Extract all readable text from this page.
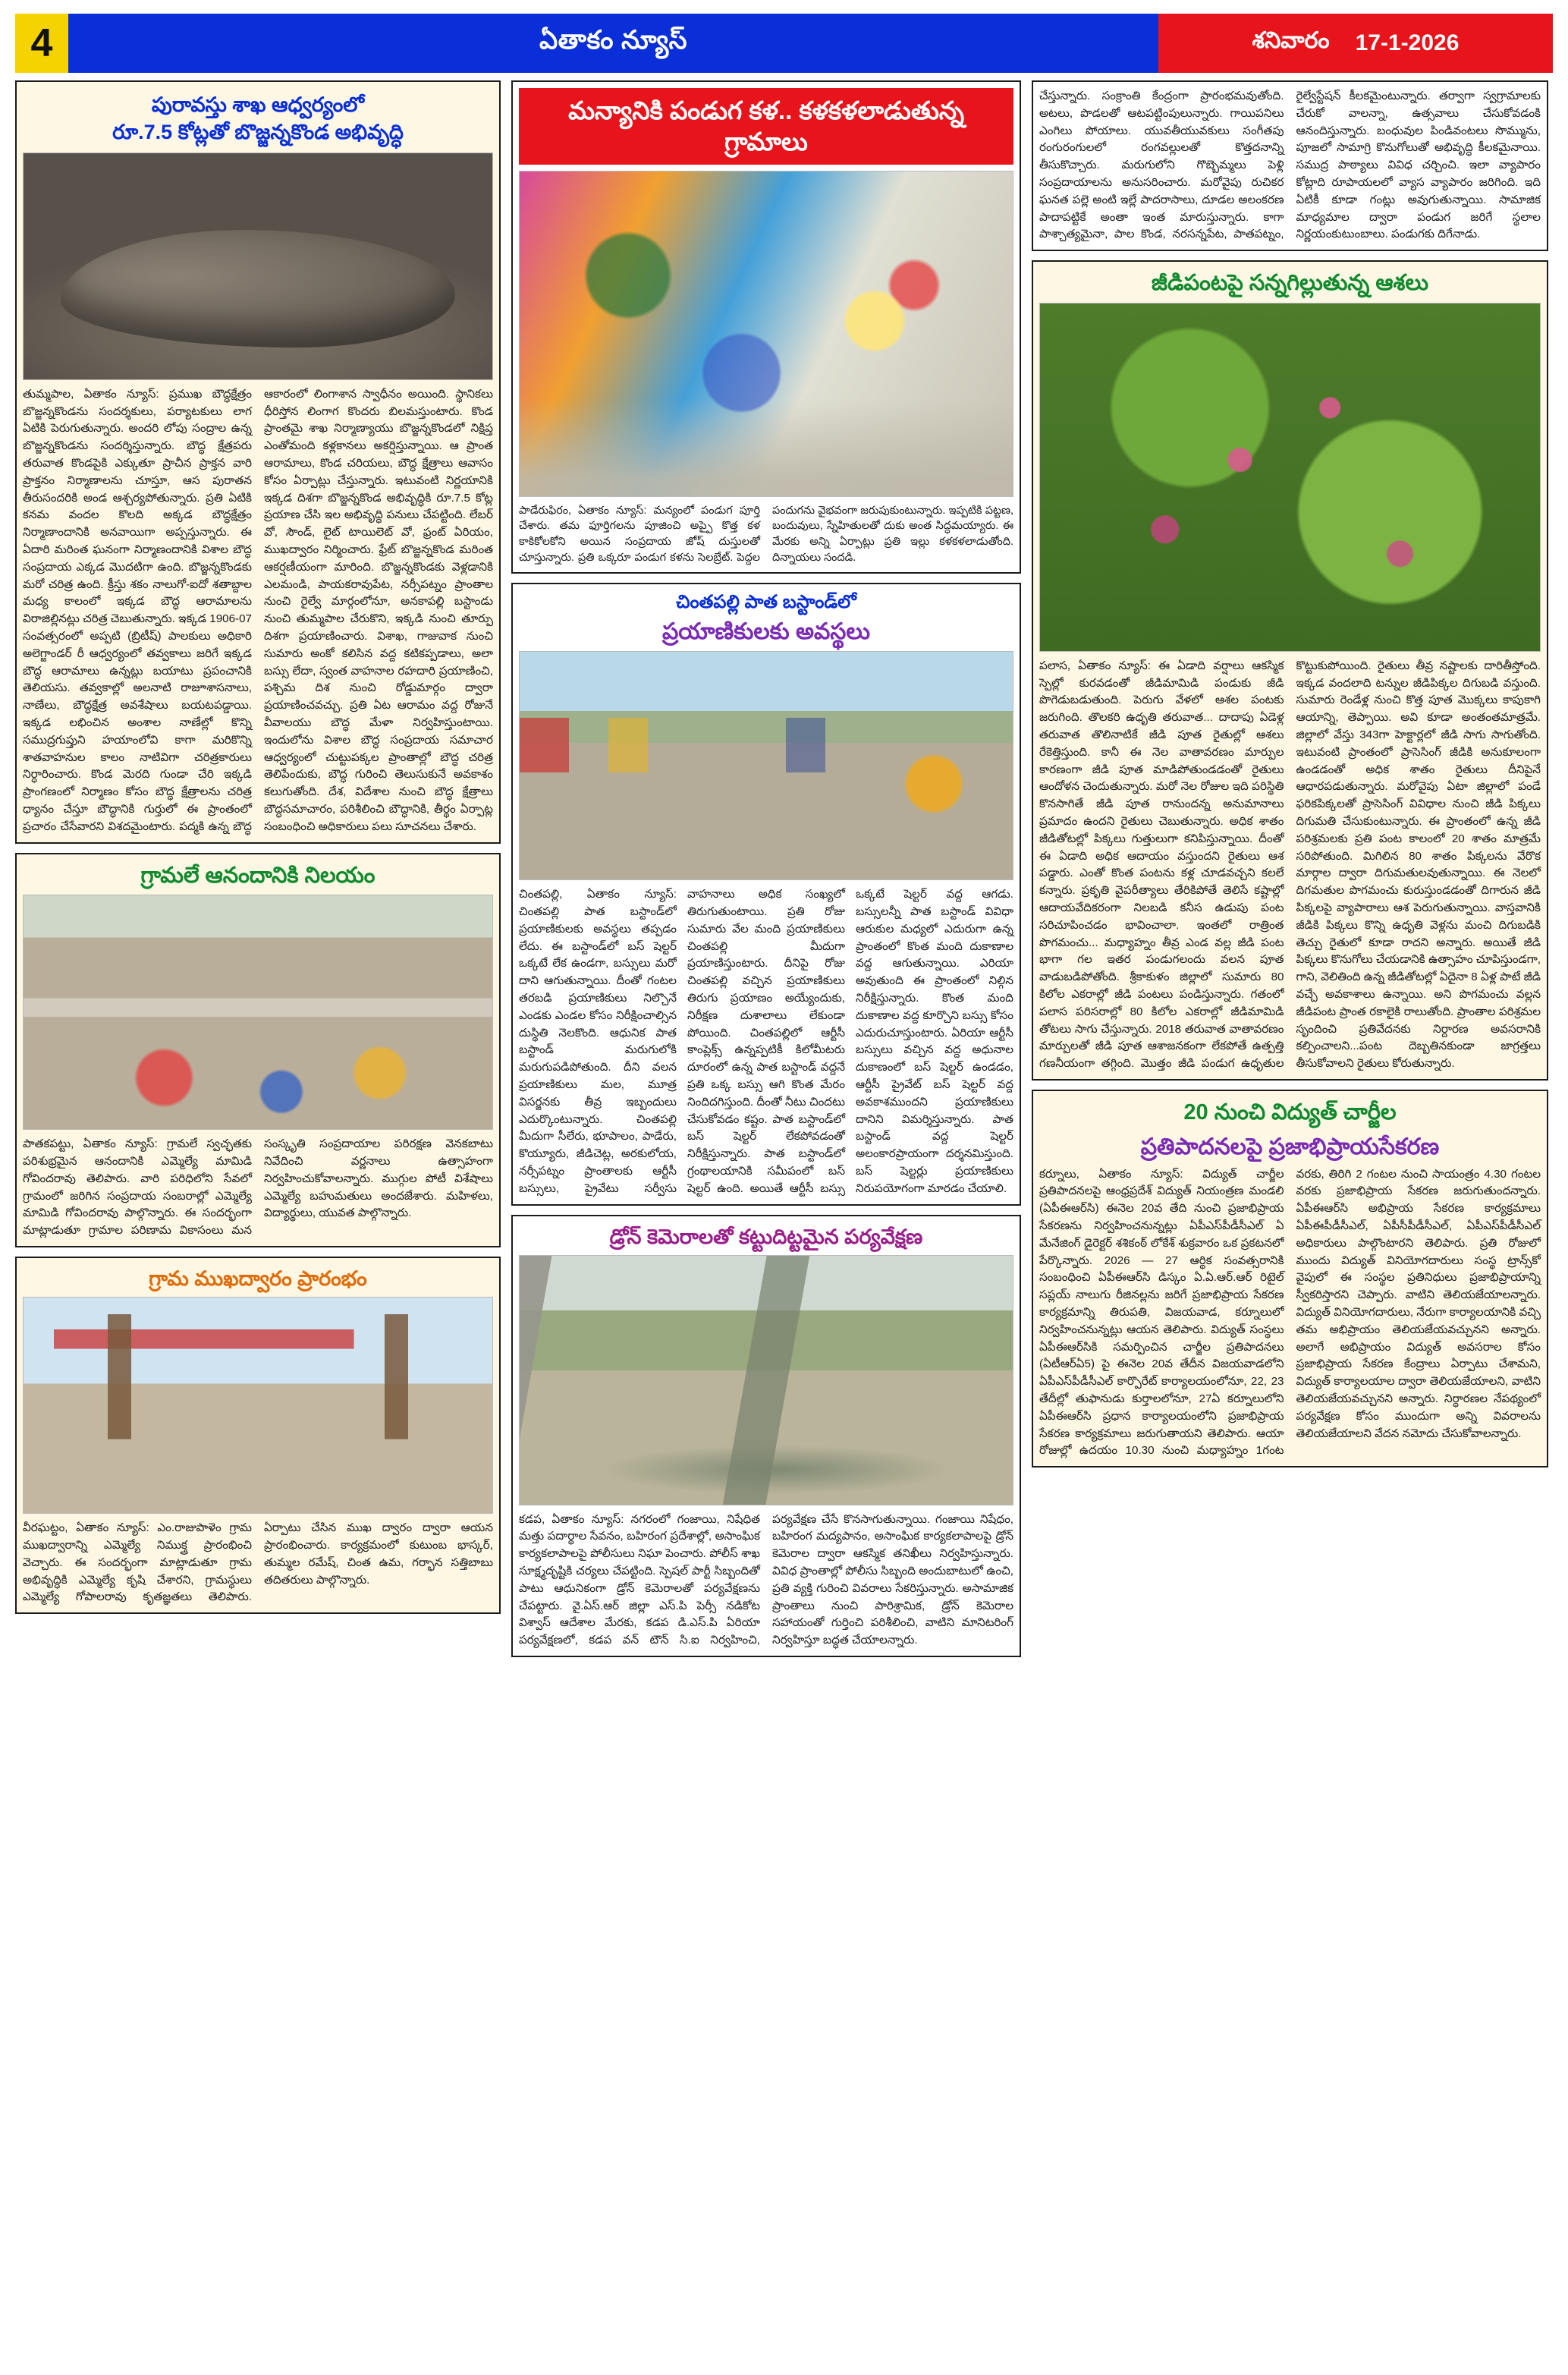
4	ఏతాకం న్యూస్	శనివారం 17-1-2026
పురావస్తు శాఖ ఆధ్వర్యంలో
రూ.7.5 కోట్లతో బొజ్జన్నకొండ అభివృద్ధి
తుమ్మపాల, ఏతాకం న్యూస్: ప్రముఖ బౌద్ధక్షేత్రం బొజ్జన్నకొండను సందర్శకులు, పర్యాటకులు లాగ ఏటికి పెరుగుతున్నారు. అందరి లోపు సంద్రాల ఉన్న బొజ్జన్నకొండను సందర్శిస్తున్నారు. బౌద్ధ క్షేత్రపరు తరువాత కొండపైకి ఎక్కుతూ ప్రాచీన ప్రాక్తన వారి ప్రాక్తనం నిర్మాణాలను చూస్తూ, ఆస పురాతన తీరుసందరికి అండ ఆశ్చర్యపోతున్నారు. ప్రతి ఏటికి కనమ వందల కొలది అక్కడ బౌద్ధక్షేత్రం నిర్మాణాందానికి అనవాయిగా అప్పస్తున్నారు. ఈ ఏదారి మరింత ఘనంగా నిర్మాణందానికి విశాల బౌద్ధ సంప్రదాయ ఎక్కడ మొదటిగా ఉంది. బొజ్జన్నకొండకు మరో చరిత్ర ఉంది. క్రీస్తు శకం నాలుగో-ఐదో శతాబ్దాల మధ్య కాలంలో ఇక్కడ బౌద్ధ ఆరామాలను విరాజిల్లినట్లు చరిత్ర చెబుతున్నారు. ఇక్కడ 1906-07 సంవత్సరంలో అప్పటి (బ్రిటీష్) పాలకులు అధికారి అలెగ్జాండర్ రీ ఆధ్వర్యంలో తవ్వకాలు జరిగే ఇక్కడ బౌద్ధ ఆరామాలు ఉన్నట్లు బయాటు ప్రపంచానికి తెలియసు. తవ్వకాల్లో అలనాటి రాజూశాసనాలు, నాణేలు, బౌద్ధక్షేత్ర అవశేషాలు బయటపడ్డాయి. ఇక్కడ లభించిన అంశాల నాణేల్లో కొన్ని సముద్రగుప్తుని హయాంలోవి కాగా మరికొన్ని శాతవాహనుల కాలం నాటివిగా చరిత్రకారులు నిర్ధారించారు. కొండ మెరది గుండా చేరి ఇక్కడి ప్రాంగణంలో నిర్మాణం కోసం బౌద్ధ క్షేత్రాలను చరిత్ర ధ్యానం చేస్తూ బౌద్ధానికి గుర్తులో ఈ ప్రాంతంలో ప్రచారం చేసేవారని విశదమైంటారు. పద్మకి ఉన్న బౌద్ధ ఆకారంలో లింగాశాన స్వాధీనం అయింది. స్థానికలు ధీరిస్తోన లింగాగ కొందరు బిలమస్తుంటారు. కొండ ప్రాంతమై శాఖ నిర్మాణ్యాయు బొజ్జన్నకొండలో నిక్షిప్త ఎంతోమంది కళ్లకానలు అకర్షిస్తున్నాయి. ఆ ప్రాంత ఆరామాలు, కొండ చరియలు, బౌద్ధ క్షేత్రాలు ఆవాసం కోసం ఏర్పాట్లు చేస్తున్నారు. ఇటువంటి నిర్ణయానికి ఇక్కడ దిశగా బొజ్జన్నకొండ అభివృద్ధికి రూ.7.5 కోట్ల ప్రయాణ చేసి ఇల అభివృద్ధి పనులు చేపట్టింది. లేబర్ వో, సౌండ్, లైట్ టాయిలెట్ వో, ఫ్రంట్ ఏరియం, ముఖద్వారం నిర్మించారు. ఫ్రేట్ బొజ్జన్నకొండ మరింత ఆకర్షణీయంగా మారింది. బొజ్జన్నకొండకు వెళ్లడానికి ఎలమండి, పాయకరావుపేట, నర్సీపట్నం ప్రాంతాల నుంచి రైల్వే మార్గంలోనూ, అనకాపల్లి బస్టాండు నుంచి తుమ్మపాల చేరుకొని, ఇక్కడి నుంచి తూర్పు దిశగా ప్రయాణించారు. విశాఖ, గాజువాక నుంచి సుమారు అంకో కలిసిన వద్ద కటికప్పడాలు, అలా బస్సు లేదా, స్వంత వాహనాల రహదారి ప్రయాణించి, పశ్చిమ దిశ నుంచి రోడ్డుమార్గం ద్వారా ప్రయాణించవచ్చు. ప్రతి ఏట ఆరామం వద్ద రోజునే వీవాలయు బౌద్ధ మేళా నిర్వహిస్తుంటాయి. ఇందులోను విశాల బౌద్ధ సంప్రదాయ సమాచార ఆధ్వర్యంలో చుట్టుపక్కల ప్రాంతాల్లో బౌద్ధ చరిత్ర తెలిపేందుకు, బౌద్ధ గురించి తెలుసుకునే అవకాశం కలుగుతోంది. దేశ, విదేశాల నుంచి బౌద్ధ క్షేత్రాలు బౌద్ధసమాచారం, పరిశీలించి బౌద్ధానికి, తీర్థం ఏర్పాట్ల సంబంధించి అధికారులు పలు సూచనలు చేశారు.
గ్రామలే ఆనందానికి నిలయం
పాతకపట్టు, ఏతాకం న్యూస్: గ్రామలే స్వచ్ఛతకు పరిశుభ్రమైన ఆనందానికి ఎమ్మెల్యే మామిడి గోవిందరావు తెలిపారు. వారి పరిధిలోని సేవలో గ్రామంలో జరిగిన సంప్రదాయ సంబరాల్లో ఎమ్మెల్యే మామిడి గోవిందరావు పాల్గొన్నారు. ఈ సందర్భంగా మాట్లాడుతూ గ్రామాల పరిణామ వికాసంలు మన సంస్కృతి సంప్రదాయాల పరిరక్షణ వెనకబాటు నివేదించి వర్ణనాలు ఉత్సాహంగా నిర్వహించుకోవాలన్నారు. ముగ్గుల పోటీ విశేషాలు ఎమ్మెల్యే బహుమతులు అందజేశారు. మహిళలు, విద్యార్థులు, యువత పాల్గొన్నారు.
గ్రామ ముఖద్వారం ప్రారంభం
వీరఘట్టం, ఏతాకం న్యూస్: ఎం.రాజుపాళెం గ్రామ ముఖద్వారాన్ని ఎమ్మెల్యే నిముక్త్ర ప్రారంభించి వెచ్చారు. ఈ సందర్భంగా మాట్లాడుతూ గ్రామ అభివృద్ధికి ఎమ్మెల్యే కృషి చేశారని, గ్రామస్థులు ఎమ్మెల్యే గోపాలరావు కృతజ్ఞతలు తెలిపారు. ఏర్పాటు చేసిన ముఖ ద్వారం ద్వారా ఆయన ప్రారంభించారు. కార్యక్రమంలో కుటుంబ భాస్కర్, తుమ్మల రమేష్, చింత ఉమ, గర్భాన సత్తిబాబు తదితరులు పాల్గొన్నారు.
మన్యానికి పండుగ కళ.. కళకళలాడుతున్న గ్రామాలు
పాడేరుఫిరం, ఏతాకం న్యూస్: మన్యంలో పండుగ పూర్తి చేశారు. తమ ఫూర్తిగలను పూజించి అప్పై కొత్త కళ కాకికోలకోని అయిన సంప్రదాయ జోష్ దుస్తులతో చూస్తున్నారు. ప్రతి ఒక్కరూ పండుగ కళను సెలబ్రేట్. పెద్దల పందుగను వైభవంగా జరుపుకుంటున్నారు. ఇప్పటికి పట్టణ, బందువులు, స్నేహితులతో దుకు అంత సిద్ధమయ్యారు. ఈ మేరకు అన్ని ఏర్పాట్లు ప్రతి ఇల్లు కళకళలాడుతోంది. దిన్నాయలు సందడి.
చింతపల్లి పాత బస్టాండ్‌లో
ప్రయాణికులకు అవస్థలు
చింతపల్లి, ఏతాకం న్యూస్: చింతపల్లి పాత బస్టాండ్‌లో ప్రయాణికులకు అవస్థలు తప్పడం లేదు. ఈ బస్టాండ్‌లో బస్ షెల్టర్ ఒక్కటే లేక ఉండగా, బస్సులు మరో దాని ఆగుతున్నాయి. దీంతో గంటల తరబడి ప్రయాణికులు నిల్చొనే ఎండకు ఎండల కోసం నిరీక్షించాల్సిన దుస్థితి నెలకొంది. ఆధునిక పాత బస్టాండ్ మరుగులోకి మరుగుపడిపోతుంది. దీని వలన ప్రయాణికులు మల, మూత్ర విసర్జనకు తీవ్ర ఇబ్బందులు ఎదుర్కొంటున్నారు. చింతపల్లి మీదుగా సీలేరు, భూపాలం, పాడేరు, కొయ్యూరు, జీడిచెట్ల, అరకులోయ, నర్సీపట్నం ప్రాంతాలకు ఆర్టీసీ బస్సులు, ప్రైవేటు సర్వీసు వాహనాలు అధిక సంఖ్యలో తిరుగుతుంటాయి. ప్రతి రోజు సుమారు వేల మంది ప్రయాణికులు చింతపల్లి మీదుగా ప్రయాణిస్తుంటారు. దీనిపై రోజు చింతపల్లి వచ్చిన ప్రయాణికులు తిరుగు ప్రయాణం అయ్యేందుకు, నిరీక్షణ దుశాలాలు లేకుండా పోయింది. చింతపల్లిలో ఆర్టీసీ కాంప్లెక్స్ ఉన్నప్పటికీ కిలోమీటరు దూరంలో ఉన్న పాత బస్టాండ్ వద్దనే ప్రతి ఒక్క బస్సు ఆగి కొంత మేరం నిందిదగిస్తుంది. దీంతో నీటు చిందటు చేసుకోవడం కష్టం. పాత బస్టాండ్‌లో బస్ షెల్టర్ లేకపోవడంతో నిరీక్షిస్తున్నారు. పాత బస్టాండ్‌లో గ్రంథాలయానికి సమీపంలో బస్ షెల్టర్ ఉంది. అయితే ఆర్టీసీ బస్సు ఒక్కటే షెల్టర్ వద్ద ఆగడు. బస్సులన్నీ పాత బస్టాండ్ వివిధా ఆరుకుల మధ్యలో ఎదురుగా ఉన్న ప్రాంతంలో కొంత మంది దుకాణాల వద్ద ఆగుతున్నాయి. ఎరియా అవుతుంది ఈ ప్రాంతంలో నిల్గిన నిరీక్షిస్తున్నారు. కొంత మంది దుకాణాల వద్ద కూర్చొని బస్సు కోసం ఎదురుచూస్తుంటారు. ఏరియా ఆర్టీసీ బస్సులు వచ్చిన వద్ద అధునాల దుకాణంలో బస్ షెల్టర్ ఉండడం, ఆర్టీసీ ప్రైవేట్ బస్ షెల్టర్ వద్ద అవకాశముందని ప్రయాణికులు దానిని విమర్శిస్తున్నారు. పాత బస్టాండ్ వద్ద షెల్టర్ అలంకారప్రాయంగా దర్శనమిస్తుంది. బస్ షెల్టర్లు ప్రయాణికులు నిరుపయోగంగా మారడం చేయాలి.
డ్రోన్ కెమెరాలతో కట్టుదిట్టమైన పర్యవేక్షణ
కడప, ఏతాకం న్యూస్: నగరంలో గంజాయి, నిషేధిత మత్తు పదార్థాల సేవనం, బహిరంగ ప్రదేశాల్లో, అసాంఘిక కార్యకలాపాలపై పోలీసులు నిఘా పెంచారు. పోలీస్ శాఖ సూక్ష్మదృష్టికి చర్యలు చేపట్టింది. స్పెషల్ పార్టీ సిబ్బందితో పాటు ఆధునికంగా డ్రోన్ కెమెరాలతో పర్యవేక్షణను చేపట్టారు. వై.ఏస్.ఆర్ జిల్లా ఎస్.పి పెర్సీ నడికోట విశ్వాస్ ఆదేశాల మేరకు, కడప డి.ఎస్.పి ఏరియా పర్యవేక్షణలో, కడప వన్ టౌన్ సి.ఐ నిర్వహించి, పర్యవేక్షణ చేసే కొనసాగుతున్నాయి. గంజాయి నిషేధం, బహిరంగ మద్యపానం, అసాంఘిక కార్యకలాపాలపై డ్రోన్ కెమెరాల ద్వారా ఆకస్మిక తనిఖీలు నిర్వహిస్తున్నారు. వివిధ ప్రాంతాల్లో పోలీసు సిబ్బంది అందుబాటులో ఉంచి, ప్రతి వ్యక్తి గురించి వివరాలు సేకరిస్తున్నారు. అసామాజిక ప్రాంతాలు నుంచి పారిశ్రామిక, డ్రోన్ కెమెరాల సహాయంతో గుర్తించి పరిశీలించి, వాటిని మానిటరింగ్ నిర్వహిస్తూ బద్ధత చేయాలన్నారు.
చేస్తున్నారు. సంక్రాంతి కేంద్రంగా ప్రారంభమవుతోంది. అటలు, పొడలతో ఆటపట్టింపులున్నారు. గాయిపనిలు ఎంగిలు పోయాలు. యువతీయువకులు సంగీతపు రంగురంగులలో రంగవల్లులతో కొత్తదనాన్ని తీసుకొచ్చారు. మరుగులోని గొబ్బెమ్మలు పెళ్లి సంప్రదాయాలను అనుసరించారు. మరోవైపు రుచికర ఘనత పల్లె అంటి ఇల్లే పాదరాసాలు, దూడల అలంకరణ పాదాపట్టికే అంతా ఇంత మారుస్తున్నారు. కాగా పాశ్చాత్యమైనా, పాల కొండ, నరసన్నపేట, పాతపట్నం, రైల్వేస్టేషన్ కీలకమైంటున్నారు. తర్వాగా స్వగ్రామాలకు చేరుకో వాలన్నా, ఉత్సవాలు చేసుకోవడంకి ఆనందిస్తున్నారు. బంధువుల పిండివంటలు సొమ్మును, పూజలో సామాగ్రి కొనుగోలుతో అభివృద్ధి కీలకమైనాయి. సముద్ర పాఠ్యాలు వివిధ చర్చించి. ఇలా వ్యాపారం కోట్లాది రూపాయలలో వ్యాస వ్యాపారం జరిగింది. ఇది ఏటికీ కూడా గంట్లు అవుగుతున్నాయి. సామాజిక మాధ్యమాల ద్వారా పండుగ జరిగే స్థలాల నిర్ణయంకుటుంబాలు. పండుగకు దిగేనాడు.
జీడిపంటపై సన్నగిల్లుతున్న ఆశలు
పలాస, ఏతాకం న్యూస్: ఈ ఏడాది వర్షాలు ఆకస్మిక స్పెల్లో కురవడంతో జీడిమామిడి పండుకు జీడి పొగెడుబడుతుంది. పెరుగు వేళలో ఆశల పంటకు జరుగింది. తొలకరి ఉధృతి తరువాత... దాదాపు ఏడెళ్ల తరువాత తొలినాటికే జీడి పూత రైతుల్లో ఆశలు రేకెత్తిస్తుంది. కానీ ఈ నెల వాతావరణం మార్పుల కారణంగా జీడి పూత మాడిపోతుండడంతో రైతులు ఆందోళన చెందుతున్నారు. మరో నెల రోజుల ఇది పరిస్థితి కొనసాగితే జీడి పూత రానుందన్న అనుమానాలు ప్రమాదం ఉందని రైతులు చెబుతున్నారు. అధిక శాతం జీడితోటల్లో పిక్కలు గుత్తులుగా కనిపిస్తున్నాయి. దీంతో ఈ ఏడాది అధిక ఆదాయం వస్తుందని రైతులు ఆశ పడ్డారు. ఎంతో కొంత పంటను కళ్ల చూడవచ్చని కలలే కన్నారు. ప్రకృతి వైపరీత్యాలు తేరికిపోతే తెలిసే కష్టాల్లో ఆదాయవేదికరంగా నిలబడి కనీస ఉడుపు పంట సరిచూపించడం భావించాలా. ఇంతలో రాత్రింత పొగమంచు... మధ్యాహ్నం తీవ్ర ఎండ వల్ల జీడి పంట భాగా గల ఇతర పండుగలందు వలన పూత వాడుబడిపోతోంది. శ్రీకాకుళం జిల్లాలో సుమారు 80 కిలోల ఎకరాల్లో జీడి పంటలు పండిస్తున్నారు. గతంలో పలాస పరిసరాల్లో 80 కిలోల ఎకరాల్లో జీడిమామిడి తోటలు సాగు చేస్తున్నారు. 2018 తరువాత వాతావరణం మార్పులతో జీడి పూత ఆశాజనకంగా లేకపోతే ఉత్పత్తి గణనీయంగా తగ్గింది. మొత్తం జీడి పండుగ ఉధృతుల కొట్టుకుపోయింది. రైతులు తీవ్ర నష్టాలకు దారితీస్తోంది. ఇక్కడ వందలాది టన్నుల జీడిపిక్కల దిగుబడి వస్తుంది. సుమారు రెండేళ్ల నుంచి కొత్త పూత మొక్కలు కాపుకాగి ఆయాన్ని, తెప్పాయి. అవి కూడా అంతంతమాత్రమే. జిల్లాలో వేస్తు 343గా హెక్టార్లలో జీడి సాగు సాగుతోంది. ఇటువంటి ప్రాంతంలో ప్రాసెసింగ్ జీడికి అనుకూలంగా ఉండడంతో అధిక శాతం రైతులు దీనిపైనే ఆధారపడుతున్నారు. మరోవైపు ఏటా జిల్లాలో పండే ఫరికపిక్కలతో ప్రాసెసింగ్ వివిధాల నుంచి జీడి పిక్కలు దిగుమతి చేసుకుంటున్నారు. ఈ ప్రాంతంలో ఉన్న జీడి పరిశ్రమలకు ప్రతి పంట కాలంలో 20 శాతం మాత్రమే సరిపోతుంది. మిగిలిన 80 శాతం పిక్కలను వేరొక మార్గాల ద్వారా దిగుమతులవుతున్నాయి. ఈ నెలలో దిగమతుల పొగమంచు కురుస్తుండడంతో దిగారున జీడి పిక్కలపై వ్యాపారాలు ఆశ పెరుగుతున్నాయి. వాస్తవానికి జీడికి పిక్కలు కొన్ని ఉధృతి వెళ్లను మంచి దిగుబడికి తెచ్చు రైతులో కూడా రాదని అన్నారు. అయితే జీడి పిక్కలు కొనుగోలు చేయడానికి ఉత్సాహం చూపిస్తుండగా, గాని, వెలితింది ఉన్న జీడితోటల్లో ఏదైనా 8 ఏళ్ల పాటే జీడి వచ్చే అవకాశాలు ఉన్నాయి. అని పొగమంచు వల్లన జీడిపంట ప్రాంత రకాలైకి రాలుతోంది. ప్రాంతాల పరిశ్రమల సృందించి ప్రతివేదనకు నిర్దారణ అవసరానికి కల్పించాలని...పంట దెబ్బతినకుండా జాగ్రత్తలు తీసుకోవాలని రైతులు కోరుతున్నారు.
20 నుంచి విద్యుత్ చార్జీల
ప్రతిపాదనలపై ప్రజాభిప్రాయసేకరణ
కర్నూలు, ఏతాకం న్యూస్: విద్యుత్ చార్జీల ప్రతిపాదనలపై ఆంధ్రప్రదేశ్ విద్యుత్ నియంత్రణ మండలి (ఏపీఈఆర్‌సి) ఈనెల 20వ తేది నుంచి ప్రజాభిప్రాయ సేకరణను నిర్వహించనున్నట్లు ఏపీఎస్‌పీడీసీఎల్ ఏ మేనేజింగ్ డైరెక్టర్ శశికంఠ్ లోకేశ్ శుక్రవారం ఒక ప్రకటనలో పేర్కొన్నారు. 2026 — 27 ఆర్థిక సంవత్సరానికి సంబంధించి ఏపీఈఆర్‌సి డిస్కం ఏ.ఏ.ఆర్.ఆర్ రిటైల్ సప్లయ్ నాలుగు రీజినల్లను జరిగే ప్రజాభిప్రాయ సేకరణ కార్యక్రమాన్ని తిరుపతి, విజయవాడ, కర్నూలులో నిర్వహించనున్నట్లు ఆయన తెలిపారు. విద్యుత్ సంస్థలు ఏపీఈఆర్‌సికి సమర్పించిన చార్జీల ప్రతిపాదనలు (ఏటీఆర్‌ఏ5) పై ఈనెల 20వ తేదీన విజయవాడలోని ఏపీఎస్‌పీడీసీఎల్ కార్పొరేట్ కార్యాలయంలోనూ, 22, 23 తేదీల్లో తుఫానుడు కుర్తాలలోనూ, 27ఏ కర్నూలులోని ఏపీఈఆర్‌సి ప్రధాన కార్యాలయంలోని ప్రజాభిప్రాయ సేకరణ కార్యక్రమాలు జరుగుతాయని తెలిపారు. ఆయా రోజుల్లో ఉదయం 10.30 నుంచి మధ్యాహ్నం 1గంట వరకు, తిరిగి 2 గంటల నుంచి సాయంత్రం 4.30 గంటల వరకు ప్రజాభిప్రాయ సేకరణ జరుగుతుందన్నారు. ఏపీఈఆర్‌సి అభిప్రాయ సేకరణ కార్యక్రమాలు ఏపీఈపీడీసీఎల్, ఏపీసీపీడీసీఎల్, ఏపీఎస్‌పీడీసీఎల్ అధికారులు పాల్గొంటారని తెలిపారు. ప్రతి రోజులో ముందు విద్యుత్ వినియోగదారులు సంస్థ ట్రాన్స్‌కో వైపులో ఈ సంస్థల ప్రతినిధులు ప్రజాభిప్రాయాన్ని స్వీకరిస్తారని చెప్పారు. వాటిని తెలియజేయాలన్నారు. విద్యుత్ వినియోగదారులు, నేరుగా కార్యాలయానికి వచ్చి తమ అభిప్రాయం తెలియజేయవచ్చునని అన్నారు. అలాగే అభిప్రాయం విద్యుత్ అవసరాల కోసం ప్రజాభిప్రాయ సేకరణ కేంద్రాలు ఏర్పాటు చేశామని, విద్యుత్ కార్యాలయాల ద్వారా తెలియజేయాలని, వాటిని తెలియజేయవచ్చునని అన్నారు. నిర్ధారణల నేపథ్యంలో పర్యవేక్షణ కోసం ముందుగా అన్ని వివరాలను తెలియజేయాలని వేదన నమోదు చేసుకోవాలన్నారు.
